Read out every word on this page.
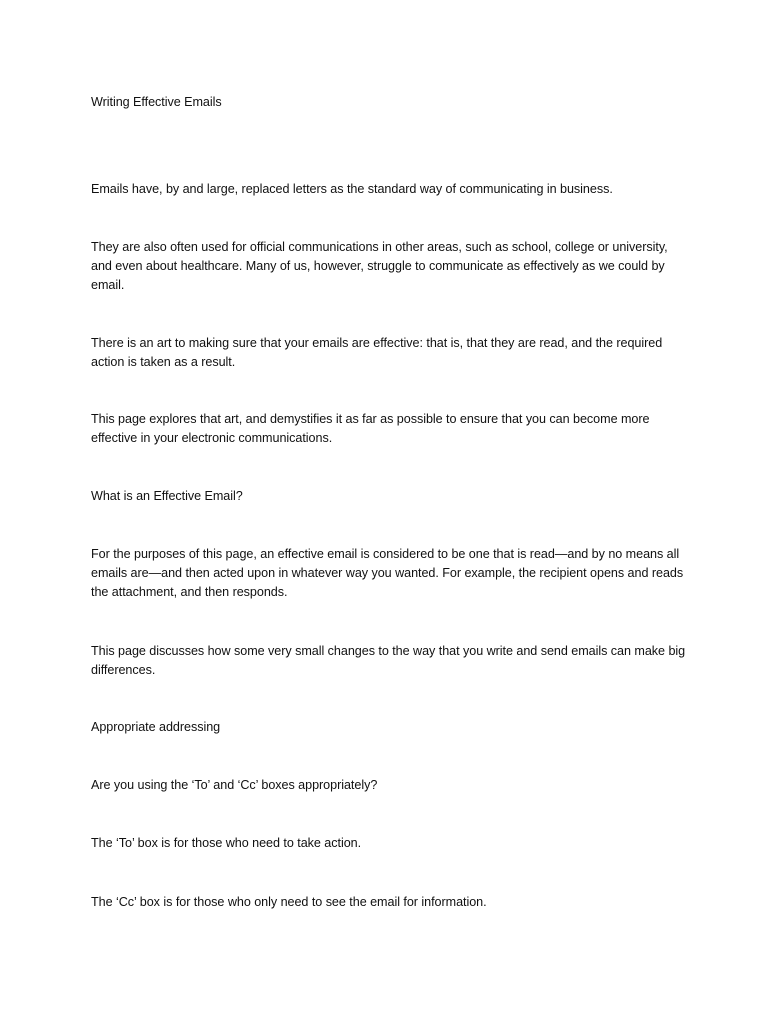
Writing Effective Emails

Emails have, by and large, replaced letters as the standard way of communicating in business.

They are also often used for official communications in other areas, such as school, college or university, and even about healthcare. Many of us, however, struggle to communicate as effectively as we could by email.

There is an art to making sure that your emails are effective: that is, that they are read, and the required action is taken as a result.

This page explores that art, and demystifies it as far as possible to ensure that you can become more effective in your electronic communications.

What is an Effective Email?

For the purposes of this page, an effective email is considered to be one that is read—and by no means all emails are—and then acted upon in whatever way you wanted. For example, the recipient opens and reads the attachment, and then responds.

This page discusses how some very small changes to the way that you write and send emails can make big differences.

Appropriate addressing

Are you using the ‘To’ and ‘Cc’ boxes appropriately?

The ‘To’ box is for those who need to take action.

The ‘Cc’ box is for those who only need to see the email for information.
